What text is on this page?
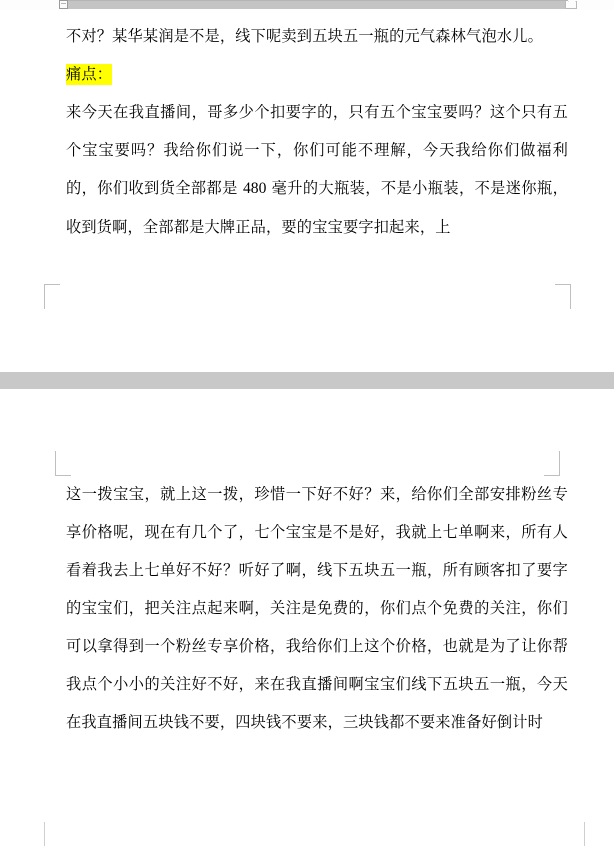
不对？某华某润是不是，线下呢卖到五块五一瓶的元气森林气泡水儿。

痛点：

来今天在我直播间，哥多少个扣要字的，只有五个宝宝要吗？这个只有五个宝宝要吗？我给你们说一下，你们可能不理解，今天我给你们做福利的，你们收到货全部都是 480 毫升的大瓶装，不是小瓶装，不是迷你瓶，收到货啊，全部都是大牌正品，要的宝宝要字扣起来，上

这一拨宝宝，就上这一拨，珍惜一下好不好？来，给你们全部安排粉丝专享价格呢，现在有几个了，七个宝宝是不是好，我就上七单啊来，所有人看着我去上七单好不好？听好了啊，线下五块五一瓶，所有顾客扣了要字的宝宝们，把关注点起来啊，关注是免费的，你们点个免费的关注，你们可以拿得到一个粉丝专享价格，我给你们上这个价格，也就是为了让你帮我点个小小的关注好不好，来在我直播间啊宝宝们线下五块五一瓶，今天在我直播间五块钱不要，四块钱不要来，三块钱都不要来准备好倒计时
